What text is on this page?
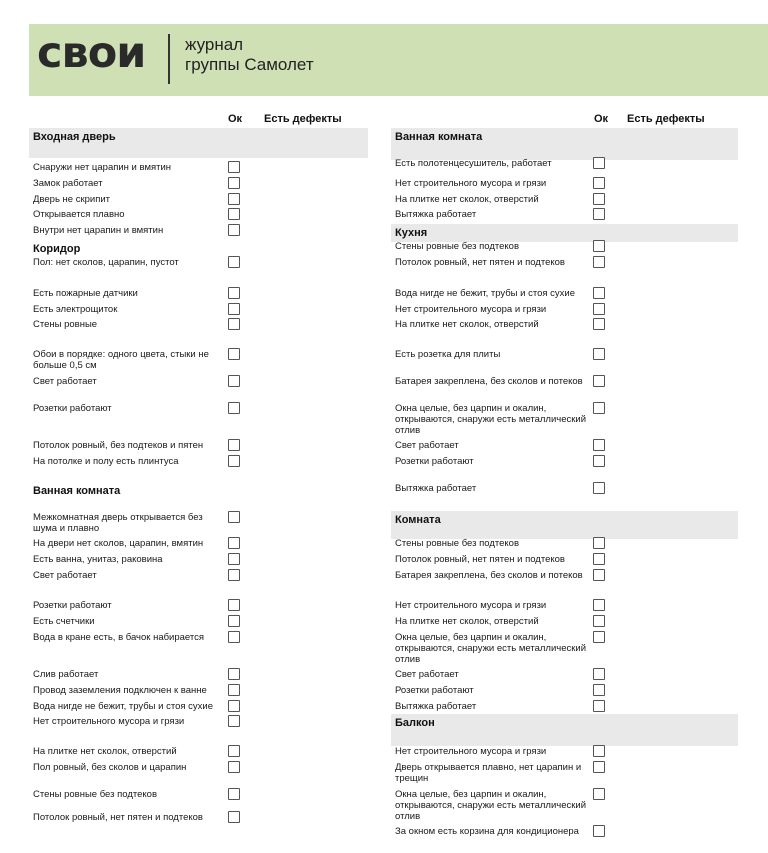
свои журнал
группы Самолет
Ок Есть дефекты	Ок Есть дефекты
Входная дверь
Снаружи нет царапин и вмятин
Замок работает
Дверь не скрипит
Открывается плавно
Внутри нет царапин и вмятин
Коридор
Пол: нет сколов, царапин, пустот
Есть пожарные датчики
Есть электрощиток
Стены ровные
Обои в порядке: одного цвета, стыки не больше 0,5 см
Свет работает
Розетки работают
Потолок ровный, без подтеков и пятен
На потолке и полу есть плинтуса
Ванная комната
Межкомнатная дверь открывается без шума и плавно
На двери нет сколов, царапин, вмятин
Есть ванна, унитаз, раковина
Свет работает
Розетки работают
Есть счетчики
Вода в кране есть, в бачок набирается
Слив работает
Провод заземления подключен к ванне
Вода нигде не бежит, трубы и стоя сухие
Нет строительного мусора и грязи
На плитке нет сколок, отверстий
Пол ровный, без сколов и царапин
Стены ровные без подтеков
Потолок ровный, нет пятен и подтеков
Ванная комната
Есть полотенцесушитель, работает
Нет строительного мусора и грязи
На плитке нет сколок, отверстий
Вытяжка работает
Кухня
Стены ровные без подтеков
Потолок ровный, нет пятен и подтеков
Вода нигде не бежит, трубы и стоя сухие
Нет строительного мусора и грязи
На плитке нет сколок, отверстий
Есть розетка для плиты
Батарея закреплена, без сколов и потеков
Окна целые, без царпин и окалин, открываются, снаружи есть металлический отлив
Свет работает
Розетки работают
Вытяжка работает
Комната
Стены ровные без подтеков
Потолок ровный, нет пятен и подтеков
Батарея закреплена, без сколов и потеков
Нет строительного мусора и грязи
На плитке нет сколок, отверстий
Окна целые, без царпин и окалин, открываются, снаружи есть металлический отлив
Свет работает
Розетки работают
Вытяжка работает
Балкон
Нет строительного мусора и грязи
Дверь открывается плавно, нет царапин и трещин
Окна целые, без царпин и окалин, открываются, снаружи есть металлический отлив
За окном есть корзина для кондиционера
